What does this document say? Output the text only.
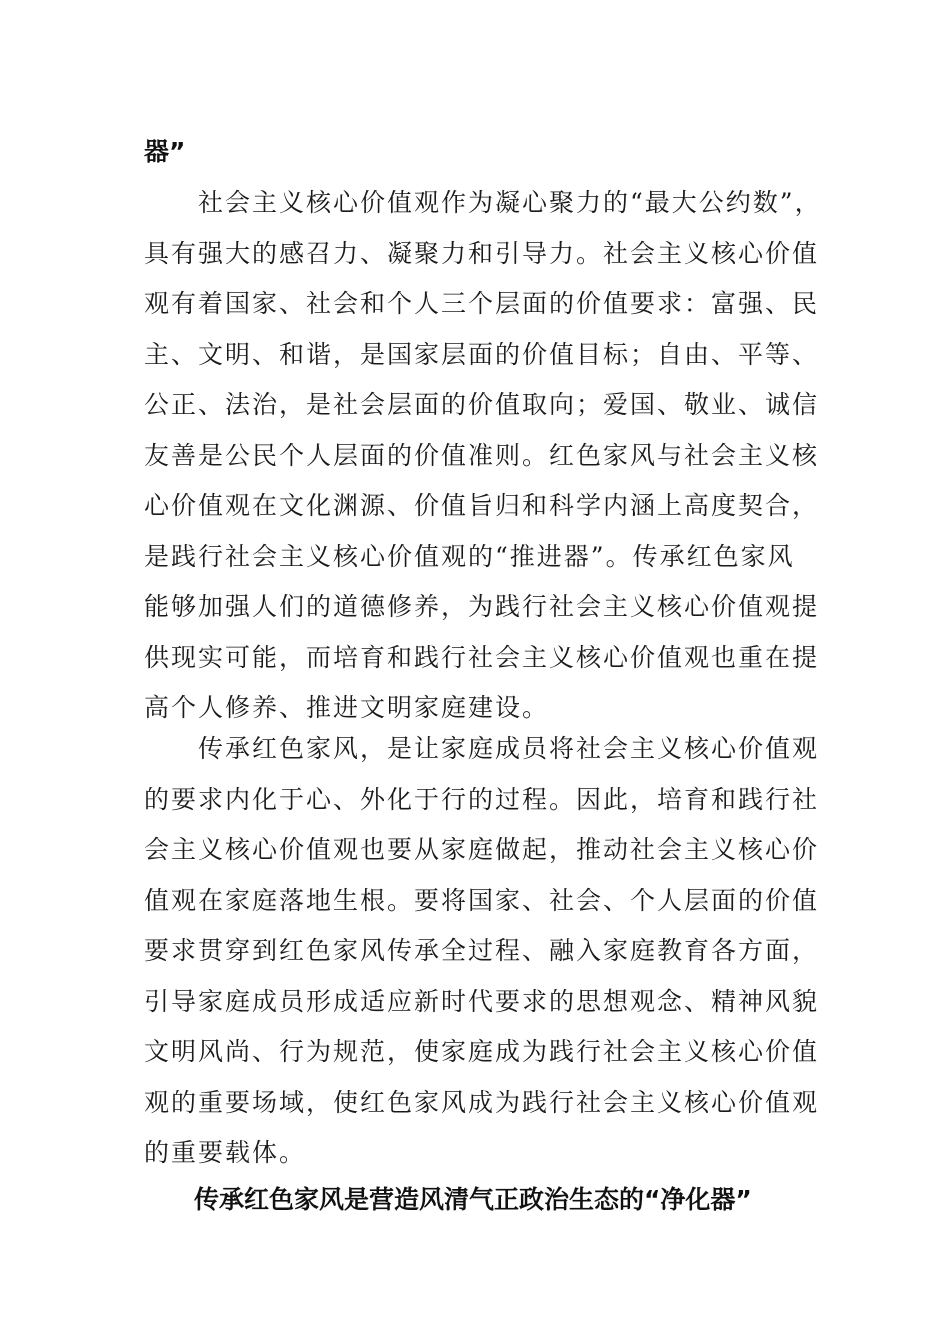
器”

社会主义核心价值观作为凝心聚力的“最大公约数”，
具有强大的感召力、凝聚力和引导力。社会主义核心价值
观有着国家、社会和个人三个层面的价值要求：富强、民
主、文明、和谐，是国家层面的价值目标；自由、平等、
公正、法治，是社会层面的价值取向；爱国、敬业、诚信
友善是公民个人层面的价值准则。红色家风与社会主义核
心价值观在文化渊源、价值旨归和科学内涵上高度契合，
是践行社会主义核心价值观的“推进器”。传承红色家风
能够加强人们的道德修养，为践行社会主义核心价值观提
供现实可能，而培育和践行社会主义核心价值观也重在提
高个人修养、推进文明家庭建设。

传承红色家风，是让家庭成员将社会主义核心价值观
的要求内化于心、外化于行的过程。因此，培育和践行社
会主义核心价值观也要从家庭做起，推动社会主义核心价
值观在家庭落地生根。要将国家、社会、个人层面的价值
要求贯穿到红色家风传承全过程、融入家庭教育各方面，
引导家庭成员形成适应新时代要求的思想观念、精神风貌
文明风尚、行为规范，使家庭成为践行社会主义核心价值
观的重要场域，使红色家风成为践行社会主义核心价值观
的重要载体。

传承红色家风是营造风清气正政治生态的“净化器”
